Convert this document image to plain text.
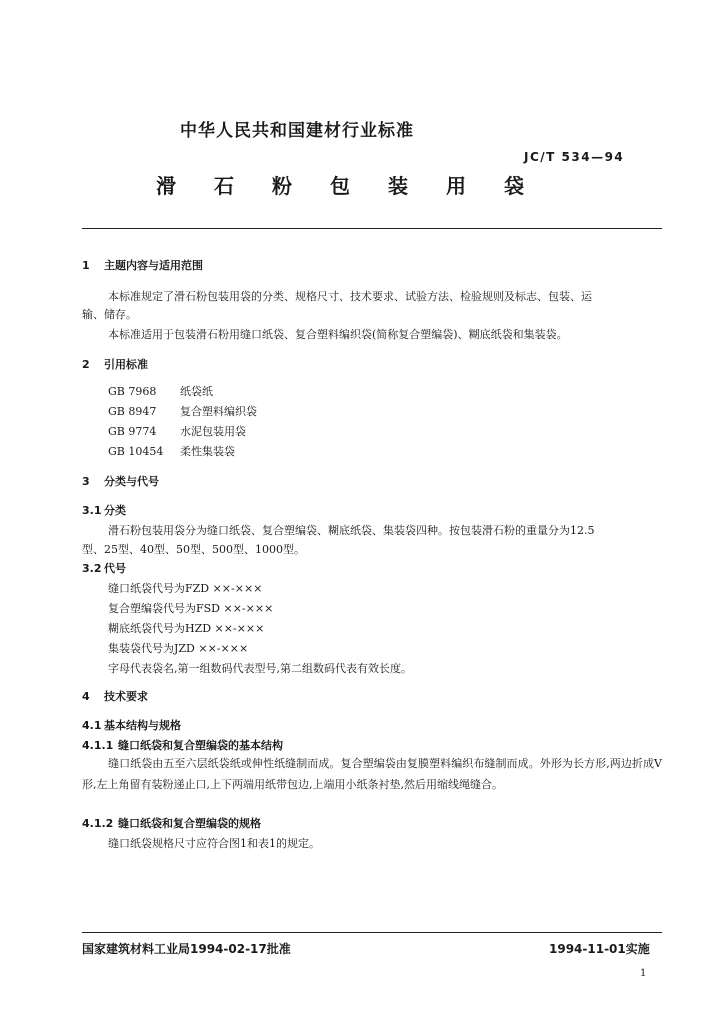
中华人民共和国建材行业标准
JC/T 534—94
滑石粉包装用袋
1 主题内容与适用范围
本标准规定了滑石粉包装用袋的分类、规格尺寸、技术要求、试验方法、检验规则及标志、包装、运
输、储存。
本标准适用于包装滑石粉用缝口纸袋、复合塑料编织袋(简称复合塑编袋)、糊底纸袋和集装袋。
2 引用标准
GB 7968 纸袋纸
GB 8947 复合塑料编织袋
GB 9774 水泥包装用袋
GB 10454 柔性集装袋
3 分类与代号
3.1 分类
滑石粉包装用袋分为缝口纸袋、复合塑编袋、糊底纸袋、集装袋四种。按包装滑石粉的重量分为12.5
型、25型、40型、50型、500型、1000型。
3.2 代号
缝口纸袋代号为FZD ××-×××
复合塑编袋代号为FSD ××-×××
糊底纸袋代号为HZD ××-×××
集装袋代号为JZD ××-×××
字母代表袋名,第一组数码代表型号,第二组数码代表有效长度。
4 技术要求
4.1 基本结构与规格
4.1.1 缝口纸袋和复合塑编袋的基本结构
缝口纸袋由五至六层纸袋纸或伸性纸缝制而成。复合塑编袋由复膜塑料编织布缝制而成。外形为长方形,两边折成V形,左上角留有装粉递止口,上下两端用纸带包边,上端用小纸条衬垫,然后用缩线绳缝合。
4.1.2 缝口纸袋和复合塑编袋的规格
缝口纸袋规格尺寸应符合图1和表1的规定。
国家建筑材料工业局1994-02-17批准	1994-11-01实施
1
